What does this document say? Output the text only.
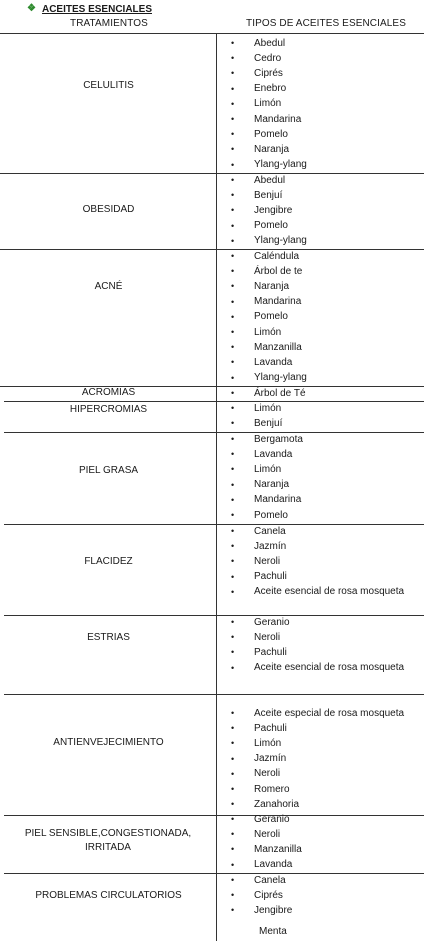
❖ ACEITES ESENCIALES
TRATAMIENTOS	TIPOS DE ACEITES ESENCIALES
CELULITIS
•	Abedul
•	Cedro
•	Ciprés
•	Enebro
•	Limón
•	Mandarina
•	Pomelo
•	Naranja
•	Ylang-ylang
OBESIDAD
•	Abedul
•	Benjuí
•	Jengibre
•	Pomelo
•	Ylang-ylang
ACNÉ
•	Caléndula
•	Árbol de te
•	Naranja
•	Mandarina
•	Pomelo
•	Limón
•	Manzanilla
•	Lavanda
•	Ylang-ylang
ACROMIAS	•	Árbol de Té
HIPERCROMIAS	•	Limón
•	Benjuí
PIEL GRASA
•	Bergamota
•	Lavanda
•	Limón
•	Naranja
•	Mandarina
•	Pomelo
FLACIDEZ
•	Canela
•	Jazmín
•	Neroli
•	Pachuli
•	Aceite esencial de rosa mosqueta
ESTRIAS
•	Geranio
•	Neroli
•	Pachuli
•	Aceite esencial de rosa mosqueta
ANTIENVEJECIMIENTO
•	Aceite especial de rosa mosqueta
•	Pachuli
•	Limón
•	Jazmín
•	Neroli
•	Romero
•	Zanahoria
PIEL SENSIBLE,CONGESTIONADA, IRRITADA
•	Geranio
•	Neroli
•	Manzanilla
•	Lavanda
PROBLEMAS CIRCULATORIOS
•	Canela
•	Ciprés
•	Jengibre
Menta
